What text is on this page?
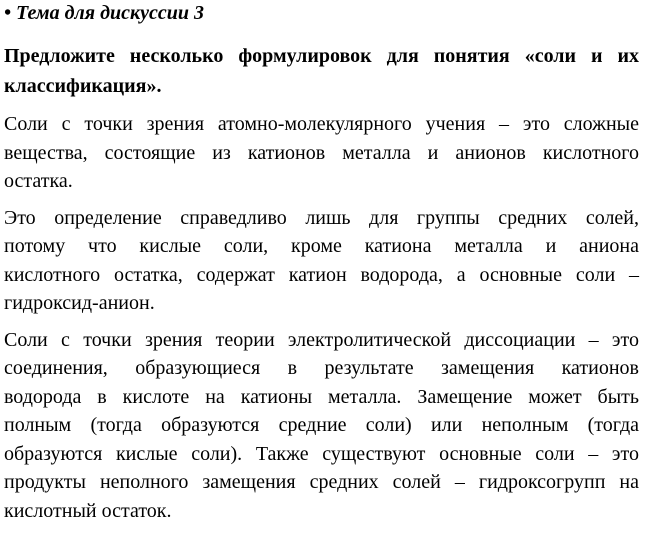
• Тема для дискуссии 3

Предложите несколько формулировок для понятия «соли и их
классификация».

Соли с точки зрения атомно-молекулярного учения – это сложные
вещества, состоящие из катионов металла и анионов кислотного
остатка.

Это определение справедливо лишь для группы средних солей,
потому что кислые соли, кроме катиона металла и аниона
кислотного остатка, содержат катион водорода, а основные соли –
гидроксид-анион.

Соли с точки зрения теории электролитической диссоциации – это
соединения, образующиеся в результате замещения катионов
водорода в кислоте на катионы металла. Замещение может быть
полным (тогда образуются средние соли) или неполным (тогда
образуются кислые соли). Также существуют основные соли – это
продукты неполного замещения средних солей – гидроксогрупп на
кислотный остаток.
